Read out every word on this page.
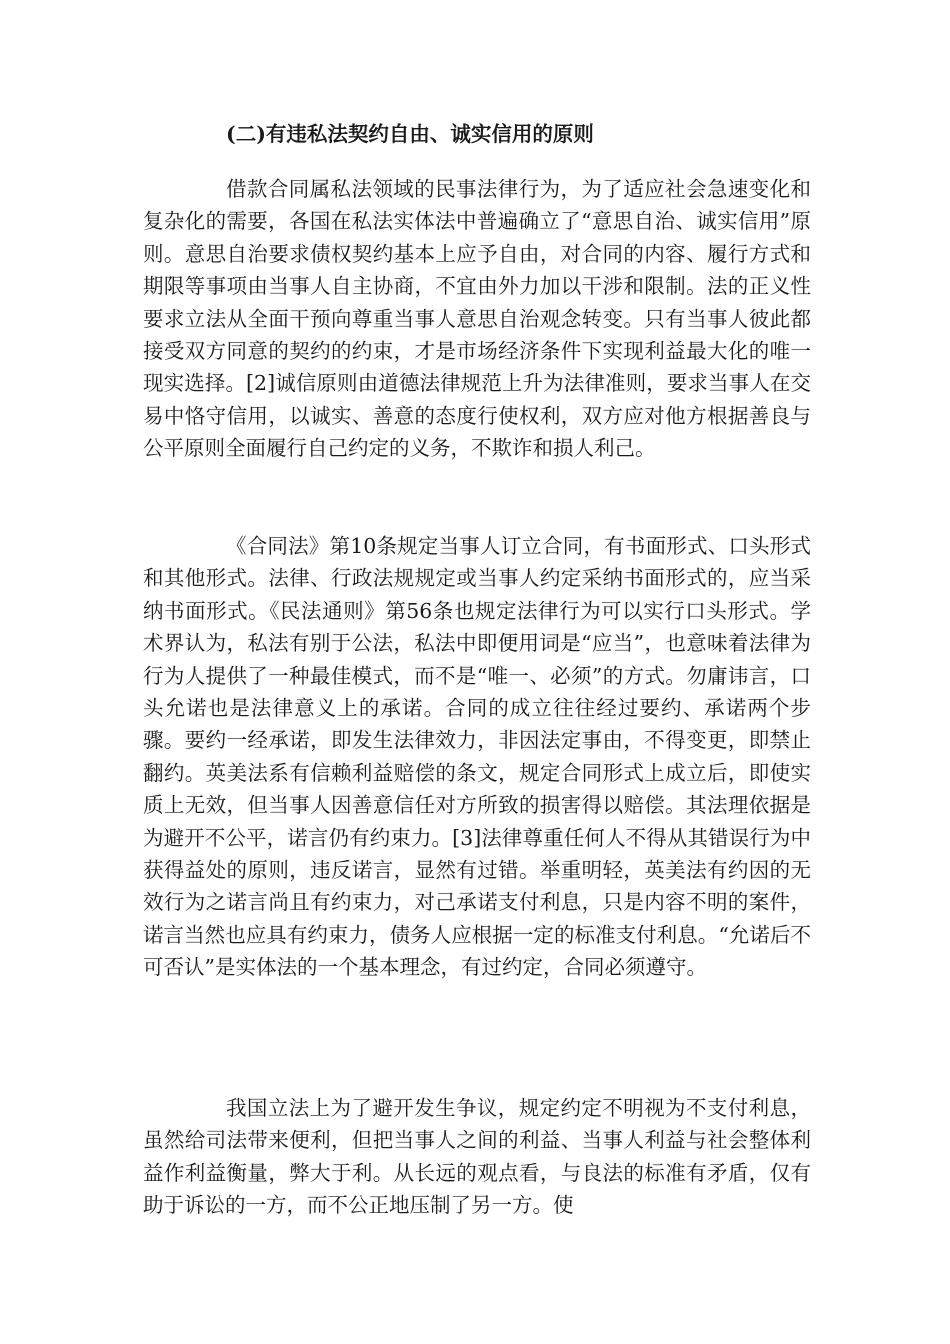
(二)有违私法契约自由、诚实信用的原则

借款合同属私法领域的民事法律行为，为了适应社会急速变化和复杂化的需要，各国在私法实体法中普遍确立了“意思自治、诚实信用”原则。意思自治要求债权契约基本上应予自由，对合同的内容、履行方式和期限等事项由当事人自主协商，不宜由外力加以干涉和限制。法的正义性要求立法从全面干预向尊重当事人意思自治观念转变。只有当事人彼此都接受双方同意的契约的约束，才是市场经济条件下实现利益最大化的唯一现实选择。[2]诚信原则由道德法律规范上升为法律准则，要求当事人在交易中恪守信用，以诚实、善意的态度行使权利，双方应对他方根据善良与公平原则全面履行自己约定的义务，不欺诈和损人利己。

《合同法》第10条规定当事人订立合同，有书面形式、口头形式和其他形式。法律、行政法规规定或当事人约定采纳书面形式的，应当采纳书面形式。《民法通则》第56条也规定法律行为可以实行口头形式。学术界认为，私法有别于公法，私法中即便用词是“应当”，也意味着法律为行为人提供了一种最佳模式，而不是“唯一、必须”的方式。勿庸讳言，口头允诺也是法律意义上的承诺。合同的成立往往经过要约、承诺两个步骤。要约一经承诺，即发生法律效力，非因法定事由，不得变更，即禁止翻约。英美法系有信赖利益赔偿的条文，规定合同形式上成立后，即使实质上无效，但当事人因善意信任对方所致的损害得以赔偿。其法理依据是为避开不公平，诺言仍有约束力。[3]法律尊重任何人不得从其错误行为中获得益处的原则，违反诺言，显然有过错。举重明轻，英美法有约因的无效行为之诺言尚且有约束力，对己承诺支付利息，只是内容不明的案件，诺言当然也应具有约束力，债务人应根据一定的标准支付利息。“允诺后不可否认”是实体法的一个基本理念，有过约定，合同必须遵守。

我国立法上为了避开发生争议，规定约定不明视为不支付利息，虽然给司法带来便利，但把当事人之间的利益、当事人利益与社会整体利益作利益衡量，弊大于利。从长远的观点看，与良法的标准有矛盾，仅有助于诉讼的一方，而不公正地压制了另一方。使
